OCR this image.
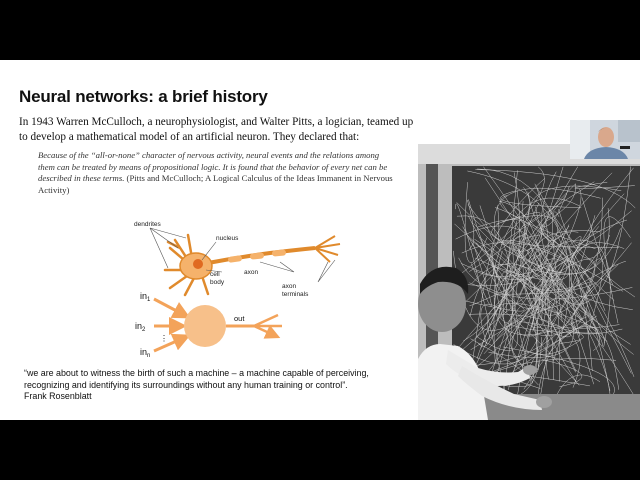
Neural networks: a brief history
In 1943 Warren McCulloch, a neurophysiologist, and Walter Pitts, a logician, teamed up to develop a mathematical model of an artificial neuron. They declared that:
Because of the “all-or-none” character of nervous activity, neural events and the relations among them can be treated by means of propositional logic. It is found that the behavior of every net can be described in these terms. (Pitts and McCulloch; A Logical Calculus of the Ideas Immanent in Nervous Activity)
dendrites
nucleus
cell
body
axon
axon
terminals
$in_1$
$in_2$
⋮
$in_n$
out
“we are about to witness the birth of such a machine – a machine capable of perceiving, recognizing and identifying its surroundings without any human training or control”.
Frank Rosenblatt
